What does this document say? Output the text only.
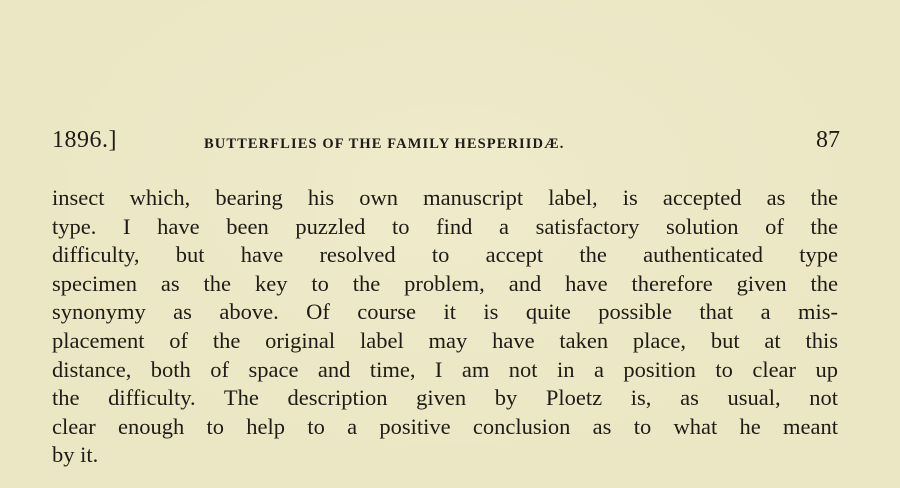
1896.]	BUTTERFLIES OF THE FAMILY HESPERIIDÆ.	87
insect which, bearing his own manuscript label, is accepted as the
type. I have been puzzled to find a satisfactory solution of the
difficulty, but have resolved to accept the authenticated type
specimen as the key to the problem, and have therefore given the
synonymy as above. Of course it is quite possible that a mis-
placement of the original label may have taken place, but at this
distance, both of space and time, I am not in a position to clear up
the difficulty. The description given by Ploetz is, as usual, not
clear enough to help to a positive conclusion as to what he meant
by it.
